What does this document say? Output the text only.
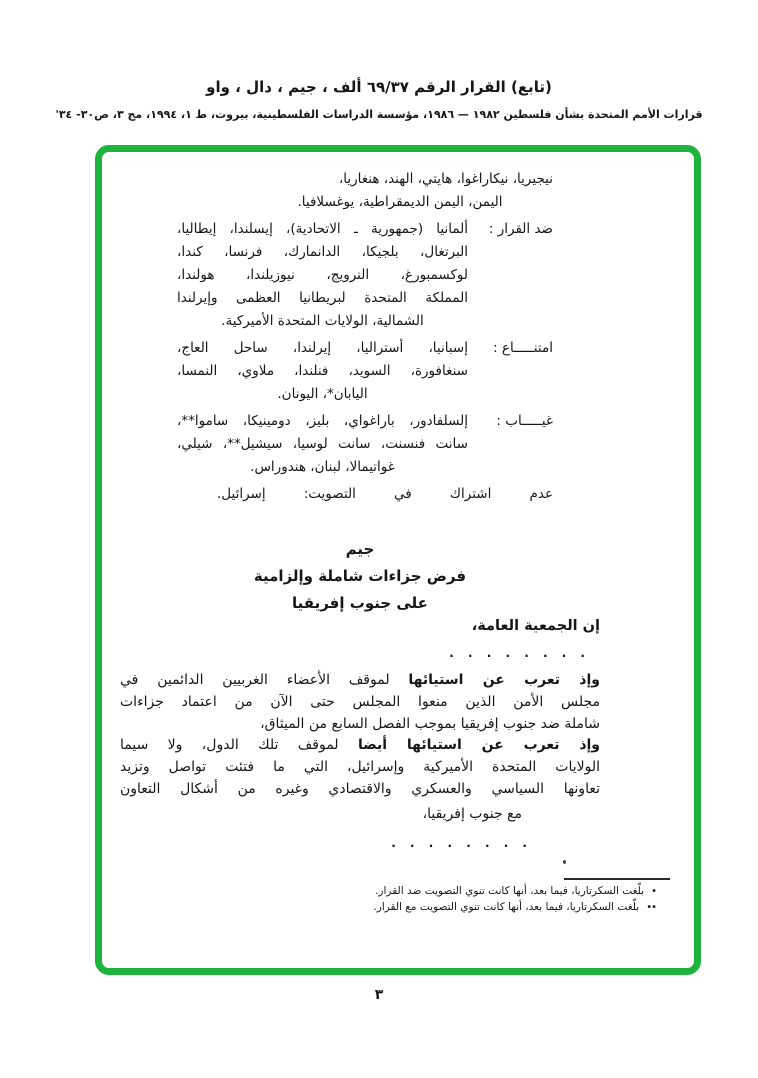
(تابع) القرار الرقم ٦٩/٣٧ ألف ، جيم ، دال ، واو
قرارات الأمم المتحدة بشأن فلسطين ١٩٨٢ — ١٩٨٦، مؤسسة الدراسات الفلسطينية، بيروت، ط ١، ١٩٩٤، مج ٣، ص٣٠- ٣٤'
نيجيريا، نيكاراغوا، هايتي، الهند، هنغاريا،
اليمن، اليمن الديمقراطية، يوغسلافيا.
ضد القرار :
ألمانيا (جمهورية ـ الاتحادية)، إيسلندا، إيطاليا،
البرتغال، بلجيكا، الدانمارك، فرنسا، كندا،
لوكسمبورغ، النرويج، نيوزيلندا، هولندا،
المملكة المتحدة لبريطانيا العظمى وإيرلندا
الشمالية، الولايات المتحدة الأميركية.
امتنـــــاع :
إسبانيا، أستراليا، إيرلندا، ساحل العاج،
سنغافورة، السويد، فنلندا، ملاوي، النمسا،
اليابان*، اليونان.
غيـــــاب :
إلسلفادور، باراغواي، بليز، دومينيكا، ساموا**،
سانت فنسنت، سانت لوسيا، سيشيل**، شيلي،
غواتيمالا، لبنان، هندوراس.
عدم اشتراك في التصويت: إسرائيل.
جيم
فرض جزاءات شاملة وإلزامية
على جنوب إفريقيا
إن الجمعية العامة،
. . . . . . . .
وإذ تعرب عن استيائها لموقف الأعضاء الغربيين الدائمين في
مجلس الأمن الذين منعوا المجلس حتى الآن من اعتماد جزاءات
شاملة ضد جنوب إفريقيا بموجب الفصل السابع من الميثاق،
وإذ تعرب عن استيائها أيضا لموقف تلك الدول، ولا سيما
الولايات المتحدة الأميركية وإسرائيل، التي ما فتئت تواصل وتزيد
تعاونها السياسي والعسكري والاقتصادي وغيره من أشكال التعاون
مع جنوب إفريقيا،
. . . . . . . .
•بلّغت السكرتاريا، فيما بعد، أنها كانت تنوي التصويت ضد القرار.
••بلّغت السكرتاريا، فيما بعد، أنها كانت تنوي التصويت مع القرار.
٣
